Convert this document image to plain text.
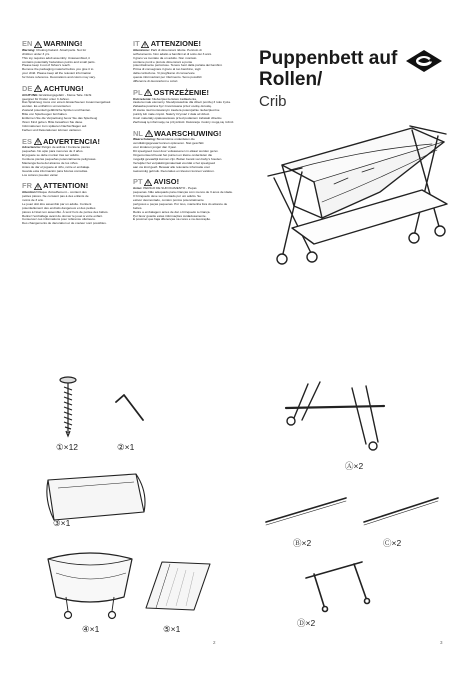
EN WARNING!
Warning: Choking hazard -Small parts. Not for
children under 3 yrs.
This toy requires adult assembly. Unassembled, it
contains potentially hazardous points and small parts.
Please keep it out of fishes's reach.
Remove the packaging material before you give it to
your child. Please keep all the relevant information
for future reference. Decorations and colors may vary.
DE ACHTUNG!
ACHTUNG: Erstickungsgefahr - Kleine Teile. Nicht
geeignet für Kinder unter 3 Jahren.
Das Spielzeug muss von einem Erwachsenen zusammengebaut
werden. Es enthält im unmontierten
Zustand potentiell gefährliche Spitzen und Kanten.
Bitte von Spielzeugen fernhalten.
Entfernen Sie die Verpackung bevor Sie das Spielzeug
Ihrem Kind geben. Bitte bewahren Sie diese
Informationen zum späteren Nachschlagen auf.
Farben und Dekorationen können variieren.
ES ADVERTENCIA!
Advertencia: Peligro de asfixia / Contiene piezas
pequeñas. No apto para menores de 3 años.
El juguete se debe montar tras ser adulto.
Contiene piezas pequeñas potencialmente peligrosas.
Mantenga fuera del alcance de los niños.
Antes de dar el juguete al niño, retire el embalaje.
Guarde esta información para futuras consultas.
Los colores pueden variar.
FR ATTENTION!
Attention! Risque d'étouffement – contient des
petites pièces. Ne convient pas à des enfants de
moins de 3 ans.
Le jouet doit être assemblé par un adulte. Contient
potentiellement des endroits dangereux et des petites
pièces à l'état non assemblé. À tenir hors de portée des bébés.
Retirez l'emballage avant de donner le jouet à votre enfant.
Conservez ces informations pour référence ultérieure.
Des changements de décoration et de couleur sont possibles.
IT ATTENZIONE!
Attenzione: Parti di dimensioni ridotte. Pericolo di
soffocamento. Non adatto a bambini al di sotto dei 3 anni.
Il gioco va montato da un adulto. Non montato
contiene punti e piccole dimensioni a punte
potenzialmente pericolose. Tenere fuori dalla portata dei bambini.
Prima di consegnare il gioco al tuo bambino, togli
della confezione. Vi preghiamo di conservare
queste informazioni per riferimento. Sono possibili
differenze di decorazioni e colori.
PL OSTRZEŻENIE!
Ostrzeżenie: Niebezpieczeństwo zadławienia,
zawiera małe elementy. Nieodpowiednie dla dzieci poniżej 3 roku życia.
Zabawka powinna być zmontowana przez osobę dorosłą.
W stanie niezmontowanym zawiera potencjalnie niebezpieczne
punkty lub małe części. Należy trzymać z dala od dzieci.
Usuń materiały opakowaniowe przed podaniem zabawki dziecku.
Zachowaj tę informację na przyszłość. Dekoracje i kolory mogą się różnić.
NL WAARSCHUWING!
Waarschuwing: Bevat kleine onderdelen die
verstikkingsgevaar kunnen opleveren. Niet geschikt
voor kinderen jonger dan 3 jaar.
Dit speelgoed moet door volwassenen in elkaar worden gezet.
Ongemonteerd bevat het punten en kleine onderdelen die
mogelijk gevaarlijk kunnen zijn. Buiten bereik van baby's houden.
Verwijder het verpakkingsmateriaal voordat u het speelgoed
aan uw kind geeft. Bewaar alle relevante informatie voor
toekomstig gebruik. Decoraties en kleuren kunnen variëren.
PT AVISO!
Aviso: PERIGO DE SUFOCAMENTO - Peças
pequenas. Não adequado para crianças com menos de 3 anos de idade.
O brinquedo deve ser montado por um adulto. Se
estiver desmontado, contém pontos potencialmente
perigosos e peças pequenas. Por isso, mantenha fora do alcance de bebés.
Retire a embalagem antes de dar o brinquedo à criança.
Por favor guarde estas informações cuidadosamente.
É possível que haja diferenças na cores e na decoração.
Puppenbett auf Rollen/
Crib
①×12	②×1
Ⓐ×2
③×1
Ⓑ×2	Ⓒ×2
④×1	⑤×1
Ⓓ×2
2	3
